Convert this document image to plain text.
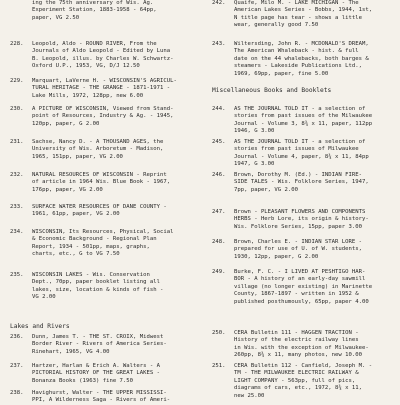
ing the 75th anniversary of Wis. Ag.
Experiment Station, 1883-1958 - 64pp,
paper, VG 2.50
228.	Leopold, Aldo - ROUND RIVER, From the
Journals of Aldo Leopold - Edited by Luna
B. Leopold, illus. by Charles W. Schwartz-
Oxford U.P., 1953, VG, D/J 12.50
229.	Marquart, LaVerne H. - WISCONSIN'S AGRICUL-
TURAL HERITAGE - THE GRANGE - 1871-1971 -
Lake Mills, 1972, 128pp, new 6.00
230.	A PICTURE OF WISCONSIN, Viewed from Stand-
point of Resources, Industry & Ag. - 1945,
120pp, paper, G 2.00
231.	Sachse, Nancy D. - A THOUSAND AGES, the
University of Wis. Arboretum - Madison,
1965, 151pp, paper, VG 2.00
232.	NATURAL RESOURCES OF WISCONSIN - Reprint
of article in 1964 Wis. Blue Book - 1967,
176pp, paper, VG 2.00
233.	SURFACE WATER RESOURCES OF DANE COUNTY -
1961, 61pp, paper, VG 2.00
234.	WISCONSIN, Its Resources, Physical, Social
& Economic Background - Regional Plan
Report, 1934 - 501pp, maps, graphs,
charts, etc., G to VG 7.50
235.	WISCONSIN LAKES - Wis. Conservation
Dept., 70pp, paper booklet listing all
lakes, size, location & kinds of fish -
VG 2.00
236.	Dunn, James T. - THE ST. CROIX, Midwest
Border River - Rivers of America Series-
Rinehart, 1965, VG 4.00
237.	Hartzer, Harlan & Erich A. Walters - A
PICTORIAL HISTORY OF THE GREAT LAKES -
Bonanza Books (1963) fine 7.50
238.	Havighurst, Walter - THE UPPER MISSISSI-
PPI, A Wilderness Saga - Rivers of Ameri-
Lakes and Rivers
242.	Quaife, Milo M. - LAKE MICHIGAN - The
American Lakes Series - Bobbs, 1944, 1st,
N title page has tear - shows a little
wear, generally good 7.50
243.	Wiltersding, John R. - MCDONALD'S DREAM,
The American Whaleback - hist. & full
date on the 44 whalebacks, both barges &
steamers - Lakeside Publications Ltd.,
1969, 69pp, paper, fine 5.00
244.	AS THE JOURNAL TOLD IT - a selection of
stories from past issues of the Milwaukee
Journal - Volume 3, 8¾ x 11, paper, 112pp
1946, G 3.00
245.	AS THE JOURNAL TOLD IT - a selection of
stories from past issues of Milwaukee
Journal - Volume 4, paper, 8¾ x 11, 84pp
1947, G 3.00
246.	Brown, Dorothy M. (Ed.) - INDIAN FIRE-
SIDE TALES - Wis. Folklore Series, 1947,
7pp, paper, VG 2.00
247.	Brown - PLEASANT FLOWERS AND COMPONENTS
HERBS - Herb Lore, its origin & history-
Wis. Folklore Series, 15pp, paper 3.00
248.	Brown, Charles E. - INDIAN STAR LORE -
prepared for use of U. of W. students,
1930, 12pp, paper, G 2.00
249.	Burke, F. C. - I LIVED AT PESHTIGO HAR-
BOR - A history of an early-day sawmill
village (no longer existing) in Marinette
County, 1867-1897 - written in 1952 &
published posthumously, 65pp, paper 4.00
250.	CERA Bulletin 111 - HAGGEN TRACTION -
History of the electric railway lines
in Wis. with the exception of Milwaukee-
260pp, 8¾ x 11, many photos, new 10.00
251.	CERA Bulletin 112 - Canfield, Joseph M. -
TM - THE MILWAUKEE ELECTRIC RAILWAY &
LIGHT COMPANY - 563pp, full of pics,
diagrams of cars, etc., 1972, 8¾ x 11,
new 25.00
Miscellaneous Books and Booklets
